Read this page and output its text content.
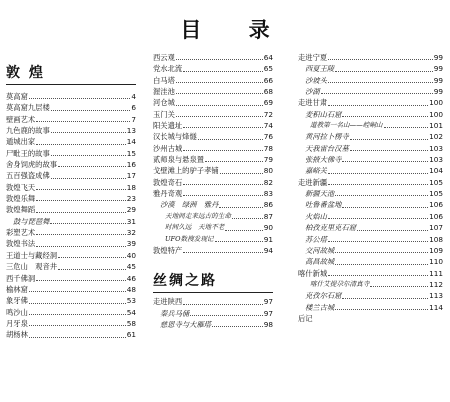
目 录
敦 煌
莫高窟	4
莫高窟九层楼	6
壁画艺术	7
九色鹿的故事	13
遁城出家	14
尸毗王的故事	15
舍身饲虎的故事	16
五百强盗成佛	17
敦煌飞天	18
敦煌乐舞	23
敦煌舞蹈	29
鼓与琵琶舞	31
彩塑艺术	32
敦煌书法	39
王道士与藏经洞	40
三危山　观音井	45
西千佛洞	46
榆林窟	48
象牙佛	53
鸣沙山	54
月牙泉	58
胡杨林	61
西云观	64
党水北流	65
白马塔	66
渥洼池	68
河仓城	69
玉门关	72
阳关遗址	74
汉长城与烽燧	76
沙州古城	78
贰师泉与悬泉置	79
戈壁滩上的驴子孝铺	80
敦煌奇石	82
雅丹奇观	83
沙漠　绿洲　雅丹	86
天地间走来远古的生命	87
时间久远　天地不老	90
UFO数搜发现记	91
敦煌特产	94
丝绸之路
走进陕西	97
秦兵马俑	97
慈恩寺与大雁塔	98
走进宁夏	99
西夏王陵	99
沙坡头	99
沙湖	99
走进甘肃	100
麦积山石窟	100
道教第一名山——崆峒山	101
黄河拉卜楞寺	102
天我雷台汉墓	103
张掖大佛寺	103
嘉峪关	104
走进新疆	105
新疆天池	105
吐鲁番盆地	106
火焰山	106
柏孜克里克石窟	107
苏公塔	108
交河故城	109
高昌故城	110
喀什新城	111
喀什艾提尕尔清真寺	112
克孜尔石窟	113
楼兰古城	114
后记
